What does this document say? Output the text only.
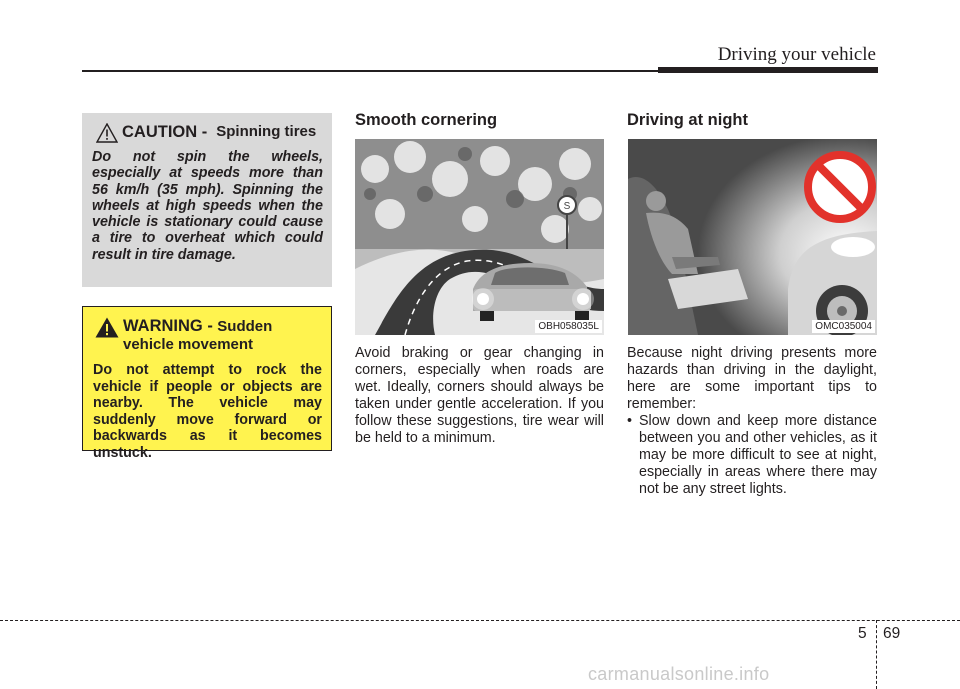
Driving your vehicle
CAUTION - Spinning tires
Do not spin the wheels, especially at speeds more than 56 km/h (35 mph). Spinning the wheels at high speeds when the vehicle is stationary could cause a tire to overheat which could result in tire damage.
WARNING - Sudden vehicle movement
Do not attempt to rock the vehicle if people or objects are nearby. The vehicle may suddenly move forward or backwards as it becomes unstuck.
Smooth cornering
S
OBH058035L

Avoid braking or gear changing in corners, especially when roads are wet. Ideally, corners should always be taken under gentle acceleration. If you follow these suggestions, tire wear will be held to a minimum.

Driving at night
OMC035004

Because night driving presents more hazards than driving in the daylight, here are some important tips to remember:

• Slow down and keep more distance between you and other vehicles, as it may be more difficult to see at night, especially in areas where there may not be any street lights.
5 69
carmanualsonline.info
